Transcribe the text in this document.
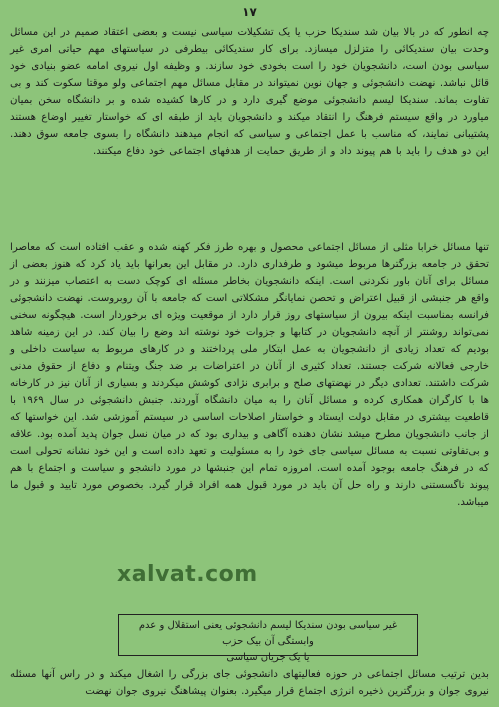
۱۷
چه انطور که در بالا بیان شد سندیکا حزب یا یک تشکیلات سیاسی نیست و بعضی اعتقاد صمیم در این مسائل وحدت بیان سندیکائی را متزلزل میسازد. برای کار سندیکائی بیطرفی در سیاستهای مهم حیاتی امری غیر سیاسی بودن است، دانشجویان خود را است بخودی خود سازند. و وظیفه اول نیروی امامه عضو بنیادی خود قائل نباشد. نهضت دانشجوئی و جهان نوین نمیتواند در مقابل مسائل مهم اجتماعی ولو موقتا سکوت کند و بی تفاوت بماند. سندیکا لیسم دانشجوئی موضع گیری دارد و در کارها کشیده شده و بر دانشگاه سخن بمیان میاورد در واقع سیستم فرهنگ را انتقاد میکند و دانشجویان باید از طبقه ای که خواستار تغییر اوضاع هستند پشتیبانی نمایند، که مناسب با عمل اجتماعی و سیاسی که انجام میدهند دانشگاه را بسوی جامعه سوق دهند. این دو هدف را باید با هم پیوند داد و از طریق حمایت از هدفهای اجتماعی خود دفاع میکنند.
تنها مسائل خرابا مثلی از مسائل اجتماعی محصول و بهره طرز فکر کهنه شده و عقب افتاده است که معاصرا تحقق در جامعه بزرگترها مربوط میشود و طرفداری دارد. در مقابل این بعرانها باید یاد کرد که هنوز بعضی از مسائل برای آنان باور نکردنی است. اینکه دانشجویان بخاطر مسئله ای کوچک دست به اعتصاب میزنند و در واقع هر جنبشی از قبیل اعتراض و تحصن نمایانگر مشکلاتی است که جامعه با آن روبروست. نهضت دانشجوئی فرانسه بمناسبت اینکه بیرون از سیاستهای روز قرار دارد از موقعیت ویژه ای برخوردار است. هیچگونه سخنی نمی‌تواند روشنتر از آنچه دانشجویان در کتابها و جزوات خود نوشته اند وضع را بیان کند. در این زمینه شاهد بودیم که تعداد زیادی از دانشجویان به عمل ابتکار ملی پرداختند و در کارهای مربوط به سیاست داخلی و خارجی فعالانه شرکت جستند. تعداد کثیری از آنان در اعتراضات بر ضد جنگ ویتنام و دفاع از حقوق مدنی شرکت داشتند. تعدادی دیگر در نهضتهای صلح و برابری نژادی کوشش میکردند و بسیاری از آنان نیز در کارخانه ها با کارگران همکاری کرده و مسائل آنان را به میان دانشگاه آوردند. جنبش دانشجوئی در سال ۱۹۶۹ با قاطعیت بیشتری در مقابل دولت ایستاد و خواستار اصلاحات اساسی در سیستم آموزشی شد. این خواستها که از جانب دانشجویان مطرح میشد نشان دهنده آگاهی و بیداری بود که در میان نسل جوان پدید آمده بود. علاقه و بی‌تفاوتی نسبت به مسائل سیاسی جای خود را به مسئولیت و تعهد داده است و این خود نشانه تحولی است که در فرهنگ جامعه بوجود آمده است. امروزه تمام این جنبشها در مورد دانشجو و سیاست و اجتماع با هم پیوند ناگسستنی دارند و راه حل آن باید در مورد قبول همه افراد قرار گیرد. بخصوص مورد تایید و قبول ما میباشد.
xalvat.com
غیر سیاسی بودن سندیکا لیسم دانشجوئی یعنی استقلال و عدم وابستگی آن بیک حزب
یا یک جریان سیاسی
بدین ترتیب مسائل اجتماعی در حوزه فعالیتهای دانشجوئی جای بزرگی را اشغال میکند و در راس آنها مسئله نیروی جوان و بزرگترین ذخیره انرژی اجتماع قرار میگیرد. بعنوان پیشاهنگ نیروی جوان نهضت
